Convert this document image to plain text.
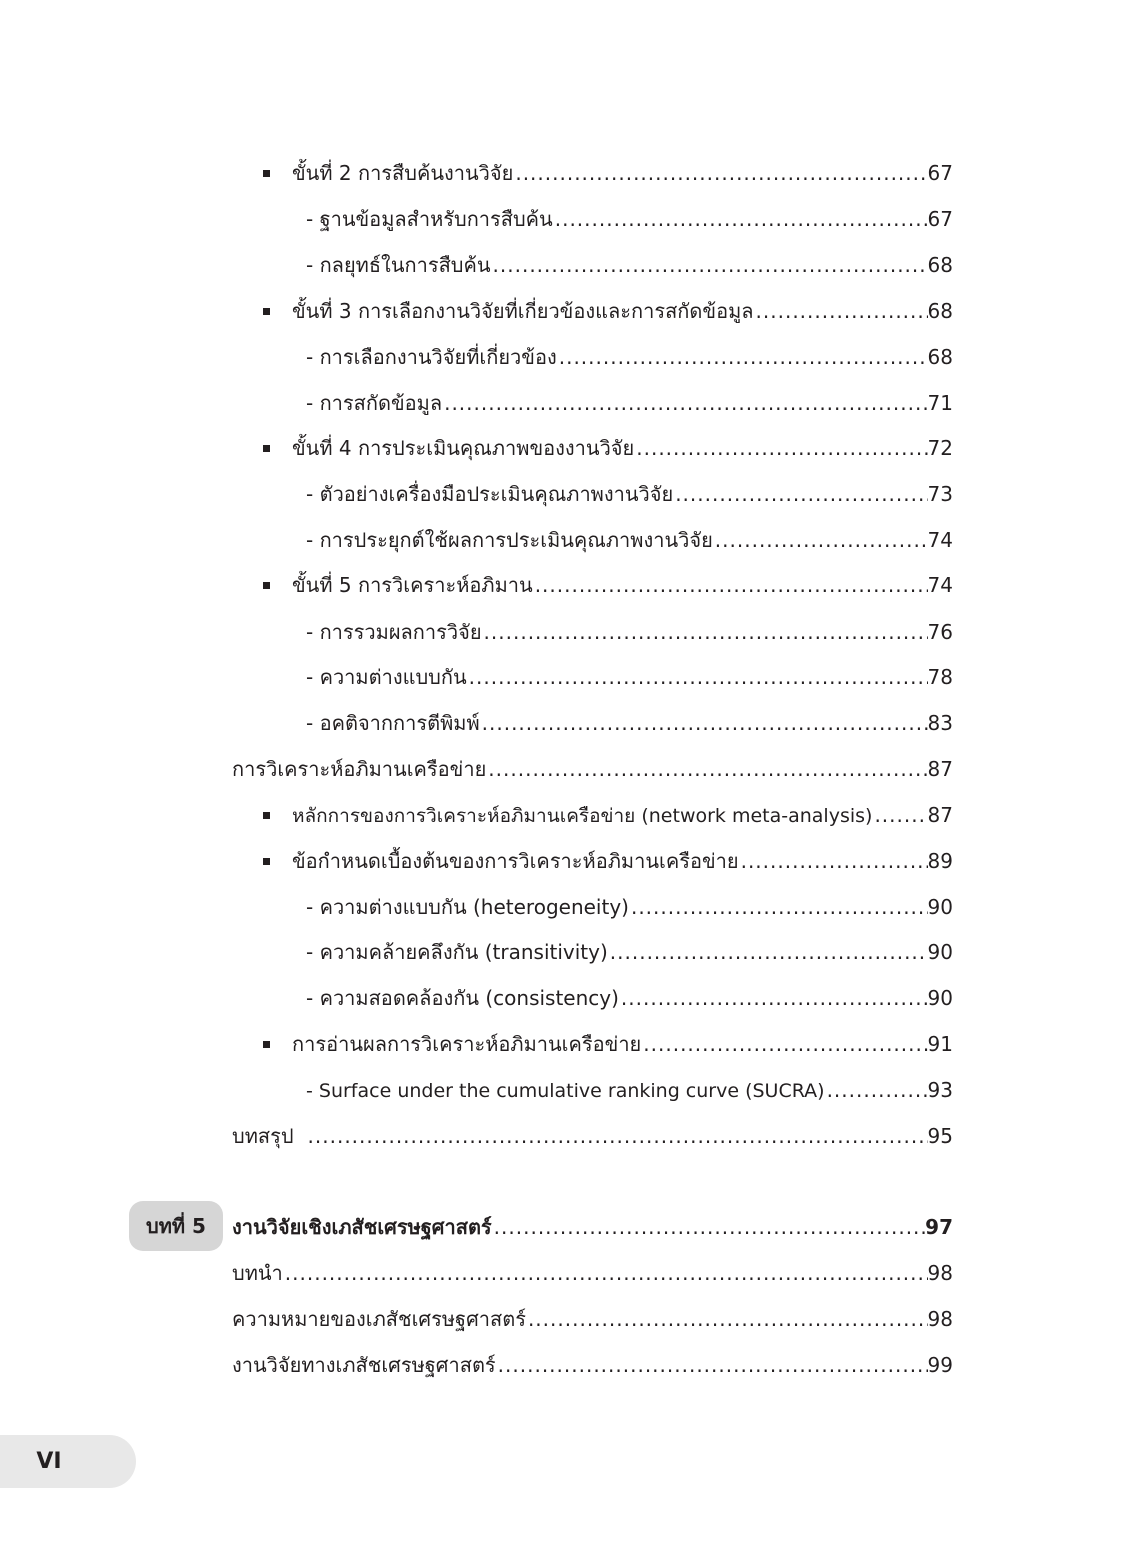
ขั้นที่ 2 การสืบค้นงานวิจัย .....	67
- ฐานข้อมูลสำหรับการสืบค้น .....	67
- กลยุทธ์ในการสืบค้น .....	68
ขั้นที่ 3 การเลือกงานวิจัยที่เกี่ยวข้องและการสกัดข้อมูล .....	68
- การเลือกงานวิจัยที่เกี่ยวข้อง .....	68
- การสกัดข้อมูล .....	71
ขั้นที่ 4 การประเมินคุณภาพของงานวิจัย .....	72
- ตัวอย่างเครื่องมือประเมินคุณภาพงานวิจัย .....	73
- การประยุกต์ใช้ผลการประเมินคุณภาพงานวิจัย .....	74
ขั้นที่ 5 การวิเคราะห์อภิมาน .....	74
- การรวมผลการวิจัย .....	76
- ความต่างแบบกัน .....	78
- อคติจากการตีพิมพ์ .....	83
การวิเคราะห์อภิมานเครือข่าย .....	87
หลักการของการวิเคราะห์อภิมานเครือข่าย (network meta-analysis) .....	87
ข้อกำหนดเบื้องต้นของการวิเคราะห์อภิมานเครือข่าย .....	89
- ความต่างแบบกัน (heterogeneity) .....	90
- ความคล้ายคลึงกัน (transitivity) .....	90
- ความสอดคล้องกัน (consistency) .....	90
การอ่านผลการวิเคราะห์อภิมานเครือข่าย .....	91
- Surface under the cumulative ranking curve (SUCRA) .....	93
บทสรุป .....	95
บทที่ 5	งานวิจัยเชิงเภสัชเศรษฐศาสตร์ .....	97
บทนำ .....	98
ความหมายของเภสัชเศรษฐศาสตร์ .....	98
งานวิจัยทางเภสัชเศรษฐศาสตร์ .....	99
VI
